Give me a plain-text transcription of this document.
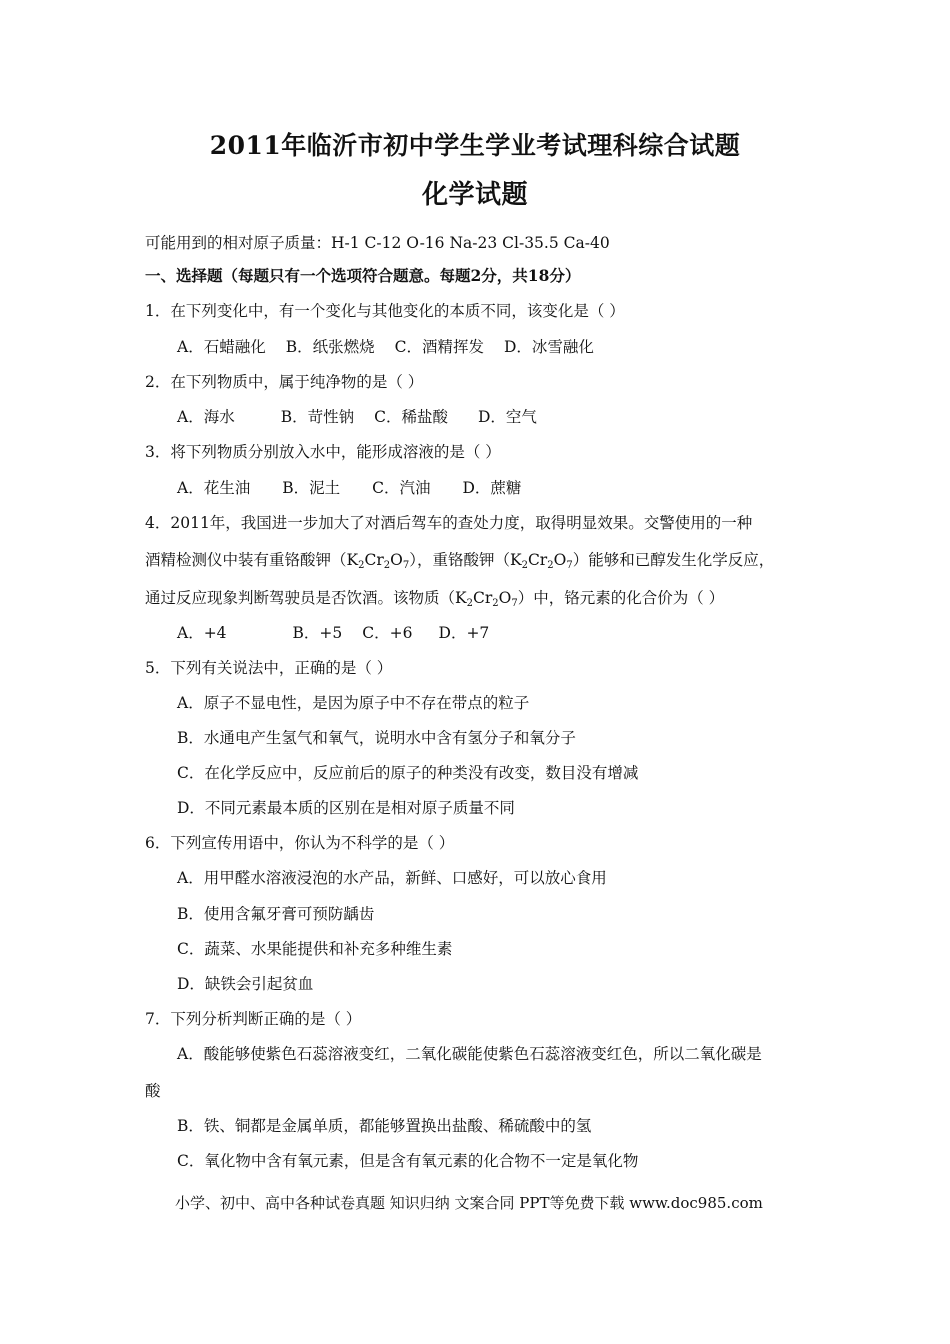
2011年临沂市初中学生学业考试理科综合试题
化学试题
可能用到的相对原子质量：H-1 C-12 O-16 Na-23 Cl-35.5 Ca-40
一、选择题（每题只有一个选项符合题意。每题2分，共18分）
1．在下列变化中，有一个变化与其他变化的本质不同，该变化是（ ）
A．石蜡融化 B．纸张燃烧 C．酒精挥发 D．冰雪融化
2．在下列物质中，属于纯净物的是（ ）
A．海水	B．苛性钠 C．稀盐酸 D．空气
3．将下列物质分别放入水中，能形成溶液的是（ ）
A．花生油 B．泥土 C．汽油 D．蔗糖
4．2011年，我国进一步加大了对酒后驾车的查处力度，取得明显效果。交警使用的一种
酒精检测仪中装有重铬酸钾$(K_2Cr_2O_7)$，重铬酸钾$(K_2Cr_2O_7)$能够和已醇发生化学反应，
通过反应现象判断驾驶员是否饮酒。该物质$(K_2Cr_2O_7)$中，铬元素的化合价为（ ）
A．+4	B．+5 C．+6 D．+7
5．下列有关说法中，正确的是（ ）
A．原子不显电性，是因为原子中不存在带点的粒子
B．水通电产生氢气和氧气，说明水中含有氢分子和氧分子
C．在化学反应中，反应前后的原子的种类没有改变，数目没有增减
D．不同元素最本质的区别在是相对原子质量不同
6．下列宣传用语中，你认为不科学的是（ ）
A．用甲醛水溶液浸泡的水产品，新鲜、口感好，可以放心食用
B．使用含氟牙膏可预防龋齿
C．蔬菜、水果能提供和补充多种维生素
D．缺铁会引起贫血
7．下列分析判断正确的是（ ）
A．酸能够使紫色石蕊溶液变红，二氧化碳能使紫色石蕊溶液变红色，所以二氧化碳是
酸
B．铁、铜都是金属单质，都能够置换出盐酸、稀硫酸中的氢
C．氧化物中含有氧元素，但是含有氧元素的化合物不一定是氧化物
小学、初中、高中各种试卷真题 知识归纳 文案合同 PPT等免费下载 www.doc985.com
